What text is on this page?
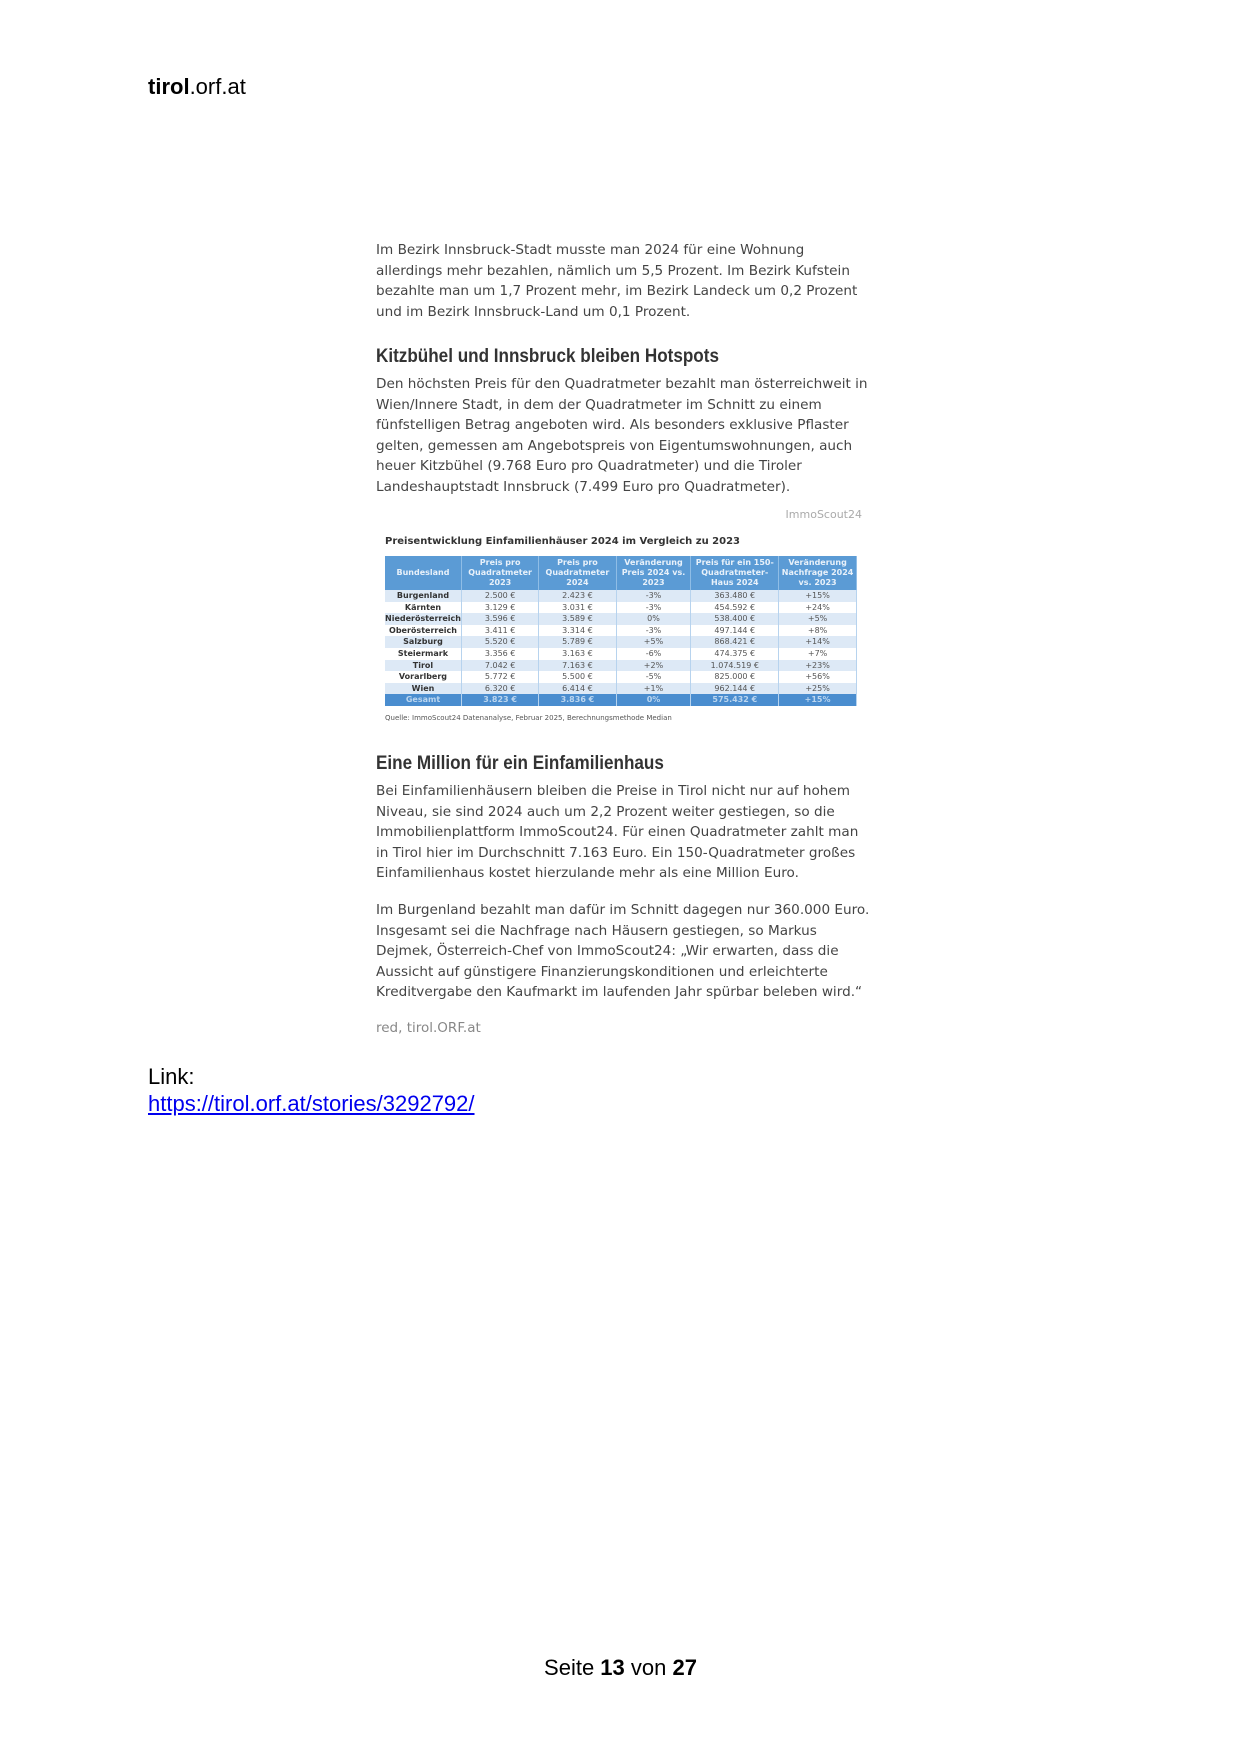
tirol.orf.at

Im Bezirk Innsbruck-Stadt musste man 2024 für eine Wohnung allerdings mehr bezahlen, nämlich um 5,5 Prozent. Im Bezirk Kufstein bezahlte man um 1,7 Prozent mehr, im Bezirk Landeck um 0,2 Prozent und im Bezirk Innsbruck-Land um 0,1 Prozent.

Kitzbühel und Innsbruck bleiben Hotspots

Den höchsten Preis für den Quadratmeter bezahlt man österreichweit in Wien/Innere Stadt, in dem der Quadratmeter im Schnitt zu einem fünfstelligen Betrag angeboten wird. Als besonders exklusive Pflaster gelten, gemessen am Angebotspreis von Eigentumswohnungen, auch heuer Kitzbühel (9.768 Euro pro Quadratmeter) und die Tiroler Landeshauptstadt Innsbruck (7.499 Euro pro Quadratmeter).

ImmoScout24
Preisentwicklung Einfamilienhäuser 2024 im Vergleich zu 2023
Bundesland	Preis pro Quadratmeter 2023	Preis pro Quadratmeter 2024	Veränderung Preis 2024 vs. 2023	Preis für ein 150-Quadratmeter-Haus 2024	Veränderung Nachfrage 2024 vs. 2023
Burgenland	2.500 €	2.423 €	-3%	363.480 €	+15%
Kärnten	3.129 €	3.031 €	-3%	454.592 €	+24%
Niederösterreich	3.596 €	3.589 €	0%	538.400 €	+5%
Oberösterreich	3.411 €	3.314 €	-3%	497.144 €	+8%
Salzburg	5.520 €	5.789 €	+5%	868.421 €	+14%
Steiermark	3.356 €	3.163 €	-6%	474.375 €	+7%
Tirol	7.042 €	7.163 €	+2%	1.074.519 €	+23%
Vorarlberg	5.772 €	5.500 €	-5%	825.000 €	+56%
Wien	6.320 €	6.414 €	+1%	962.144 €	+25%
Gesamt	3.823 €	3.836 €	0%	575.432 €	+15%
Quelle: ImmoScout24 Datenanalyse, Februar 2025, Berechnungsmethode Median
Eine Million für ein Einfamilienhaus

Bei Einfamilienhäusern bleiben die Preise in Tirol nicht nur auf hohem Niveau, sie sind 2024 auch um 2,2 Prozent weiter gestiegen, so die Immobilienplattform ImmoScout24. Für einen Quadratmeter zahlt man in Tirol hier im Durchschnitt 7.163 Euro. Ein 150-Quadratmeter großes Einfamilienhaus kostet hierzulande mehr als eine Million Euro.

Im Burgenland bezahlt man dafür im Schnitt dagegen nur 360.000 Euro. Insgesamt sei die Nachfrage nach Häusern gestiegen, so Markus Dejmek, Österreich-Chef von ImmoScout24: „Wir erwarten, dass die Aussicht auf günstigere Finanzierungskonditionen und erleichterte Kreditvergabe den Kaufmarkt im laufenden Jahr spürbar beleben wird.“

red, tirol.ORF.at
Link:
https://tirol.orf.at/stories/3292792/
Seite 13 von 27
